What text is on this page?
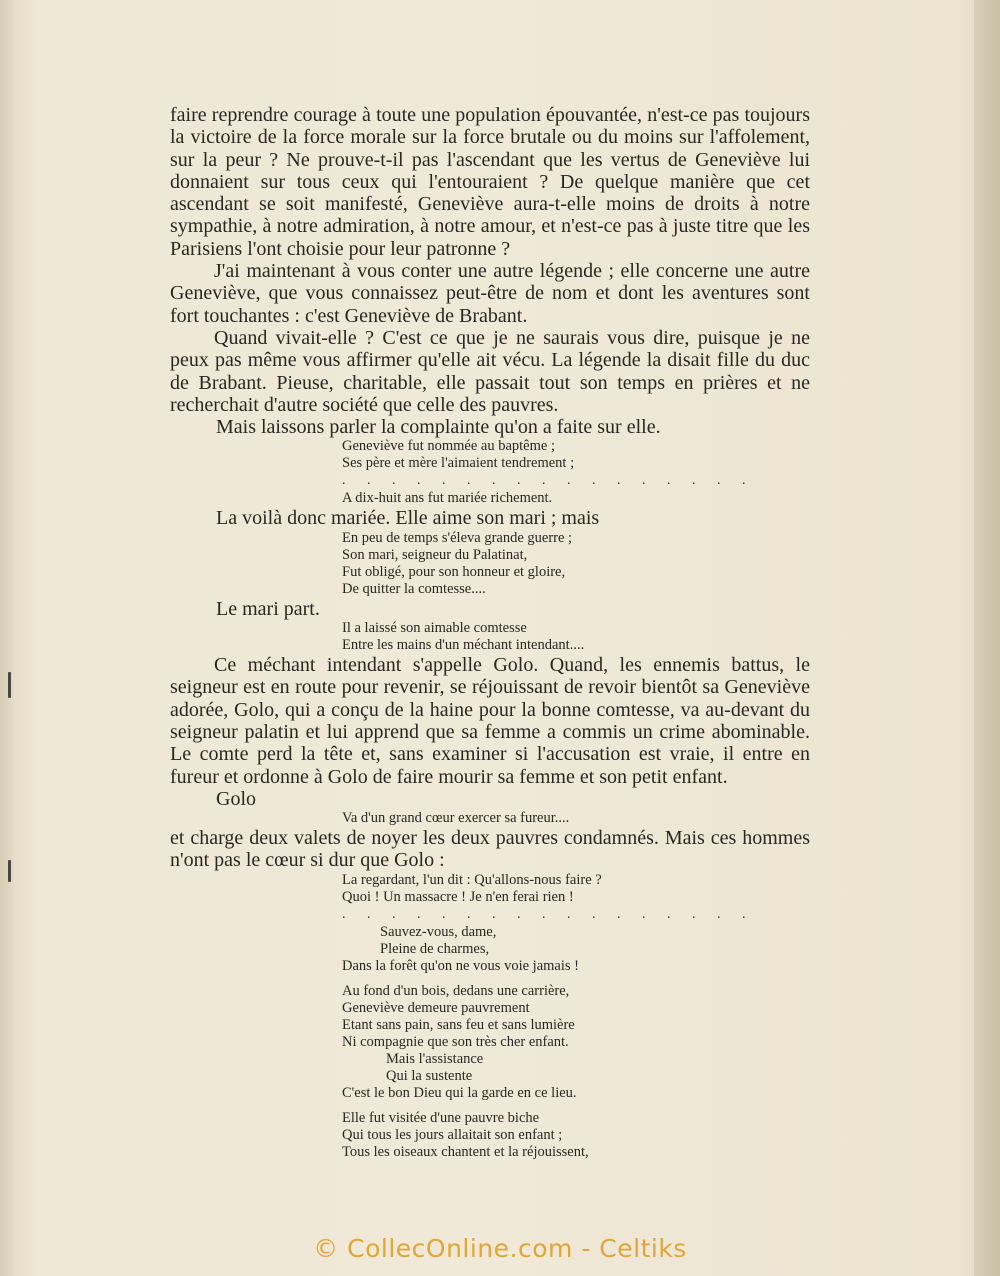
faire reprendre courage à toute une population épouvantée, n'est-ce pas toujours la victoire de la force morale sur la force brutale ou du moins sur l'affolement, sur la peur ? Ne prouve-t-il pas l'ascendant que les vertus de Geneviève lui donnaient sur tous ceux qui l'entouraient ? De quelque manière que cet ascendant se soit manifesté, Geneviève aura-t-elle moins de droits à notre sympathie, à notre admiration, à notre amour, et n'est-ce pas à juste titre que les Parisiens l'ont choisie pour leur patronne ?

J'ai maintenant à vous conter une autre légende ; elle concerne une autre Geneviève, que vous connaissez peut-être de nom et dont les aventures sont fort touchantes : c'est Geneviève de Brabant.

Quand vivait-elle ? C'est ce que je ne saurais vous dire, puisque je ne peux pas même vous affirmer qu'elle ait vécu. La légende la disait fille du duc de Brabant. Pieuse, charitable, elle passait tout son temps en prières et ne recherchait d'autre société que celle des pauvres.

Mais laissons parler la complainte qu'on a faite sur elle.

Geneviève fut nommée au baptême ;
Ses père et mère l'aimaient tendrement ;
. . . . . . . . . . . . . . . . .
A dix-huit ans fut mariée richement.

La voilà donc mariée. Elle aime son mari ; mais

En peu de temps s'éleva grande guerre ;
Son mari, seigneur du Palatinat,
Fut obligé, pour son honneur et gloire,
De quitter la comtesse....

Le mari part.

Il a laissé son aimable comtesse
Entre les mains d'un méchant intendant....

Ce méchant intendant s'appelle Golo. Quand, les ennemis battus, le seigneur est en route pour revenir, se réjouissant de revoir bientôt sa Geneviève adorée, Golo, qui a conçu de la haine pour la bonne comtesse, va au-devant du seigneur palatin et lui apprend que sa femme a commis un crime abominable. Le comte perd la tête et, sans examiner si l'accusation est vraie, il entre en fureur et ordonne à Golo de faire mourir sa femme et son petit enfant.

Golo

Va d'un grand cœur exercer sa fureur....

et charge deux valets de noyer les deux pauvres condamnés. Mais ces hommes n'ont pas le cœur si dur que Golo :

La regardant, l'un dit : Qu'allons-nous faire ?
Quoi ! Un massacre ! Je n'en ferai rien !
. . . . . . . . . . . . . . . . .
Sauvez-vous, dame,
Pleine de charmes,
Dans la forêt qu'on ne vous voie jamais !
Au fond d'un bois, dedans une carrière,
Geneviève demeure pauvrement
Etant sans pain, sans feu et sans lumière
Ni compagnie que son très cher enfant.
Mais l'assistance
Qui la sustente
C'est le bon Dieu qui la garde en ce lieu.
Elle fut visitée d'une pauvre biche
Qui tous les jours allaitait son enfant ;
Tous les oiseaux chantent et la réjouissent,
© CollecOnline.com - Celtiks
